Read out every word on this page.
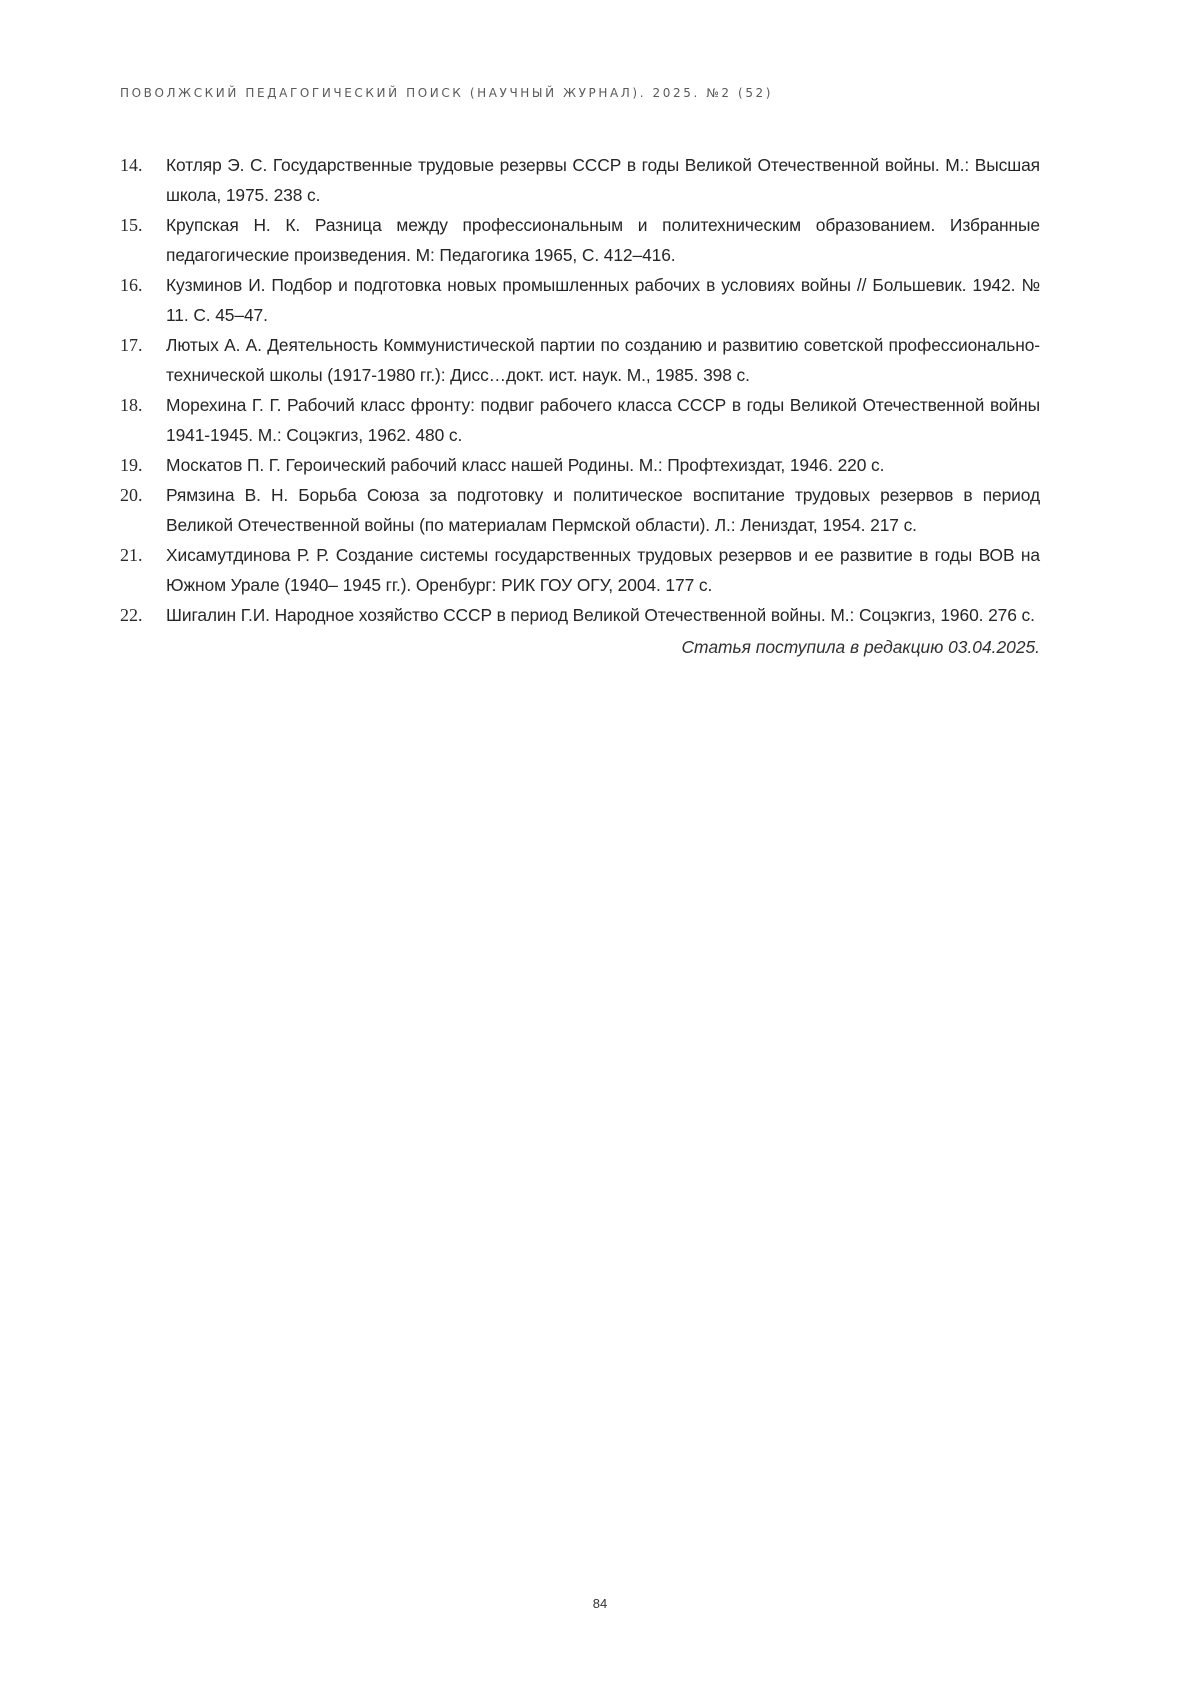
ПОВОЛЖСКИЙ ПЕДАГОГИЧЕСКИЙ ПОИСК (НАУЧНЫЙ ЖУРНАЛ). 2025. №2 (52)
14.	Котляр Э. С. Государственные трудовые резервы СССР в годы Великой Отечественной войны. М.: Высшая школа, 1975. 238 с.
15.	Крупская Н. К. Разница между профессиональным и политехническим образованием. Избранные педагогические произведения. М: Педагогика 1965, С. 412–416.
16.	Кузминов И. Подбор и подготовка новых промышленных рабочих в условиях войны // Большевик. 1942. № 11. С. 45–47.
17.	Лютых А. А. Деятельность Коммунистической партии по созданию и развитию советской профессионально-технической школы (1917-1980 гг.): Дисс…докт. ист. наук. М., 1985. 398 с.
18.	Морехина Г. Г. Рабочий класс фронту: подвиг рабочего класса СССР в годы Великой Отечественной войны 1941-1945. М.: Соцэкгиз, 1962. 480 с.
19.	Москатов П. Г. Героический рабочий класс нашей Родины. М.: Профтехиздат, 1946. 220 с.
20.	Рямзина В. Н. Борьба Союза за подготовку и политическое воспитание трудовых резервов в период Великой Отечественной войны (по материалам Пермской области). Л.: Лениздат, 1954. 217 с.
21.	Хисамутдинова Р. Р. Создание системы государственных трудовых резервов и ее развитие в годы ВОВ на Южном Урале (1940– 1945 гг.). Оренбург: РИК ГОУ ОГУ, 2004. 177 с.
22.	Шигалин Г.И. Народное хозяйство СССР в период Великой Отечественной войны. М.: Соцэкгиз, 1960. 276 с.
Статья поступила в редакцию 03.04.2025.
84
